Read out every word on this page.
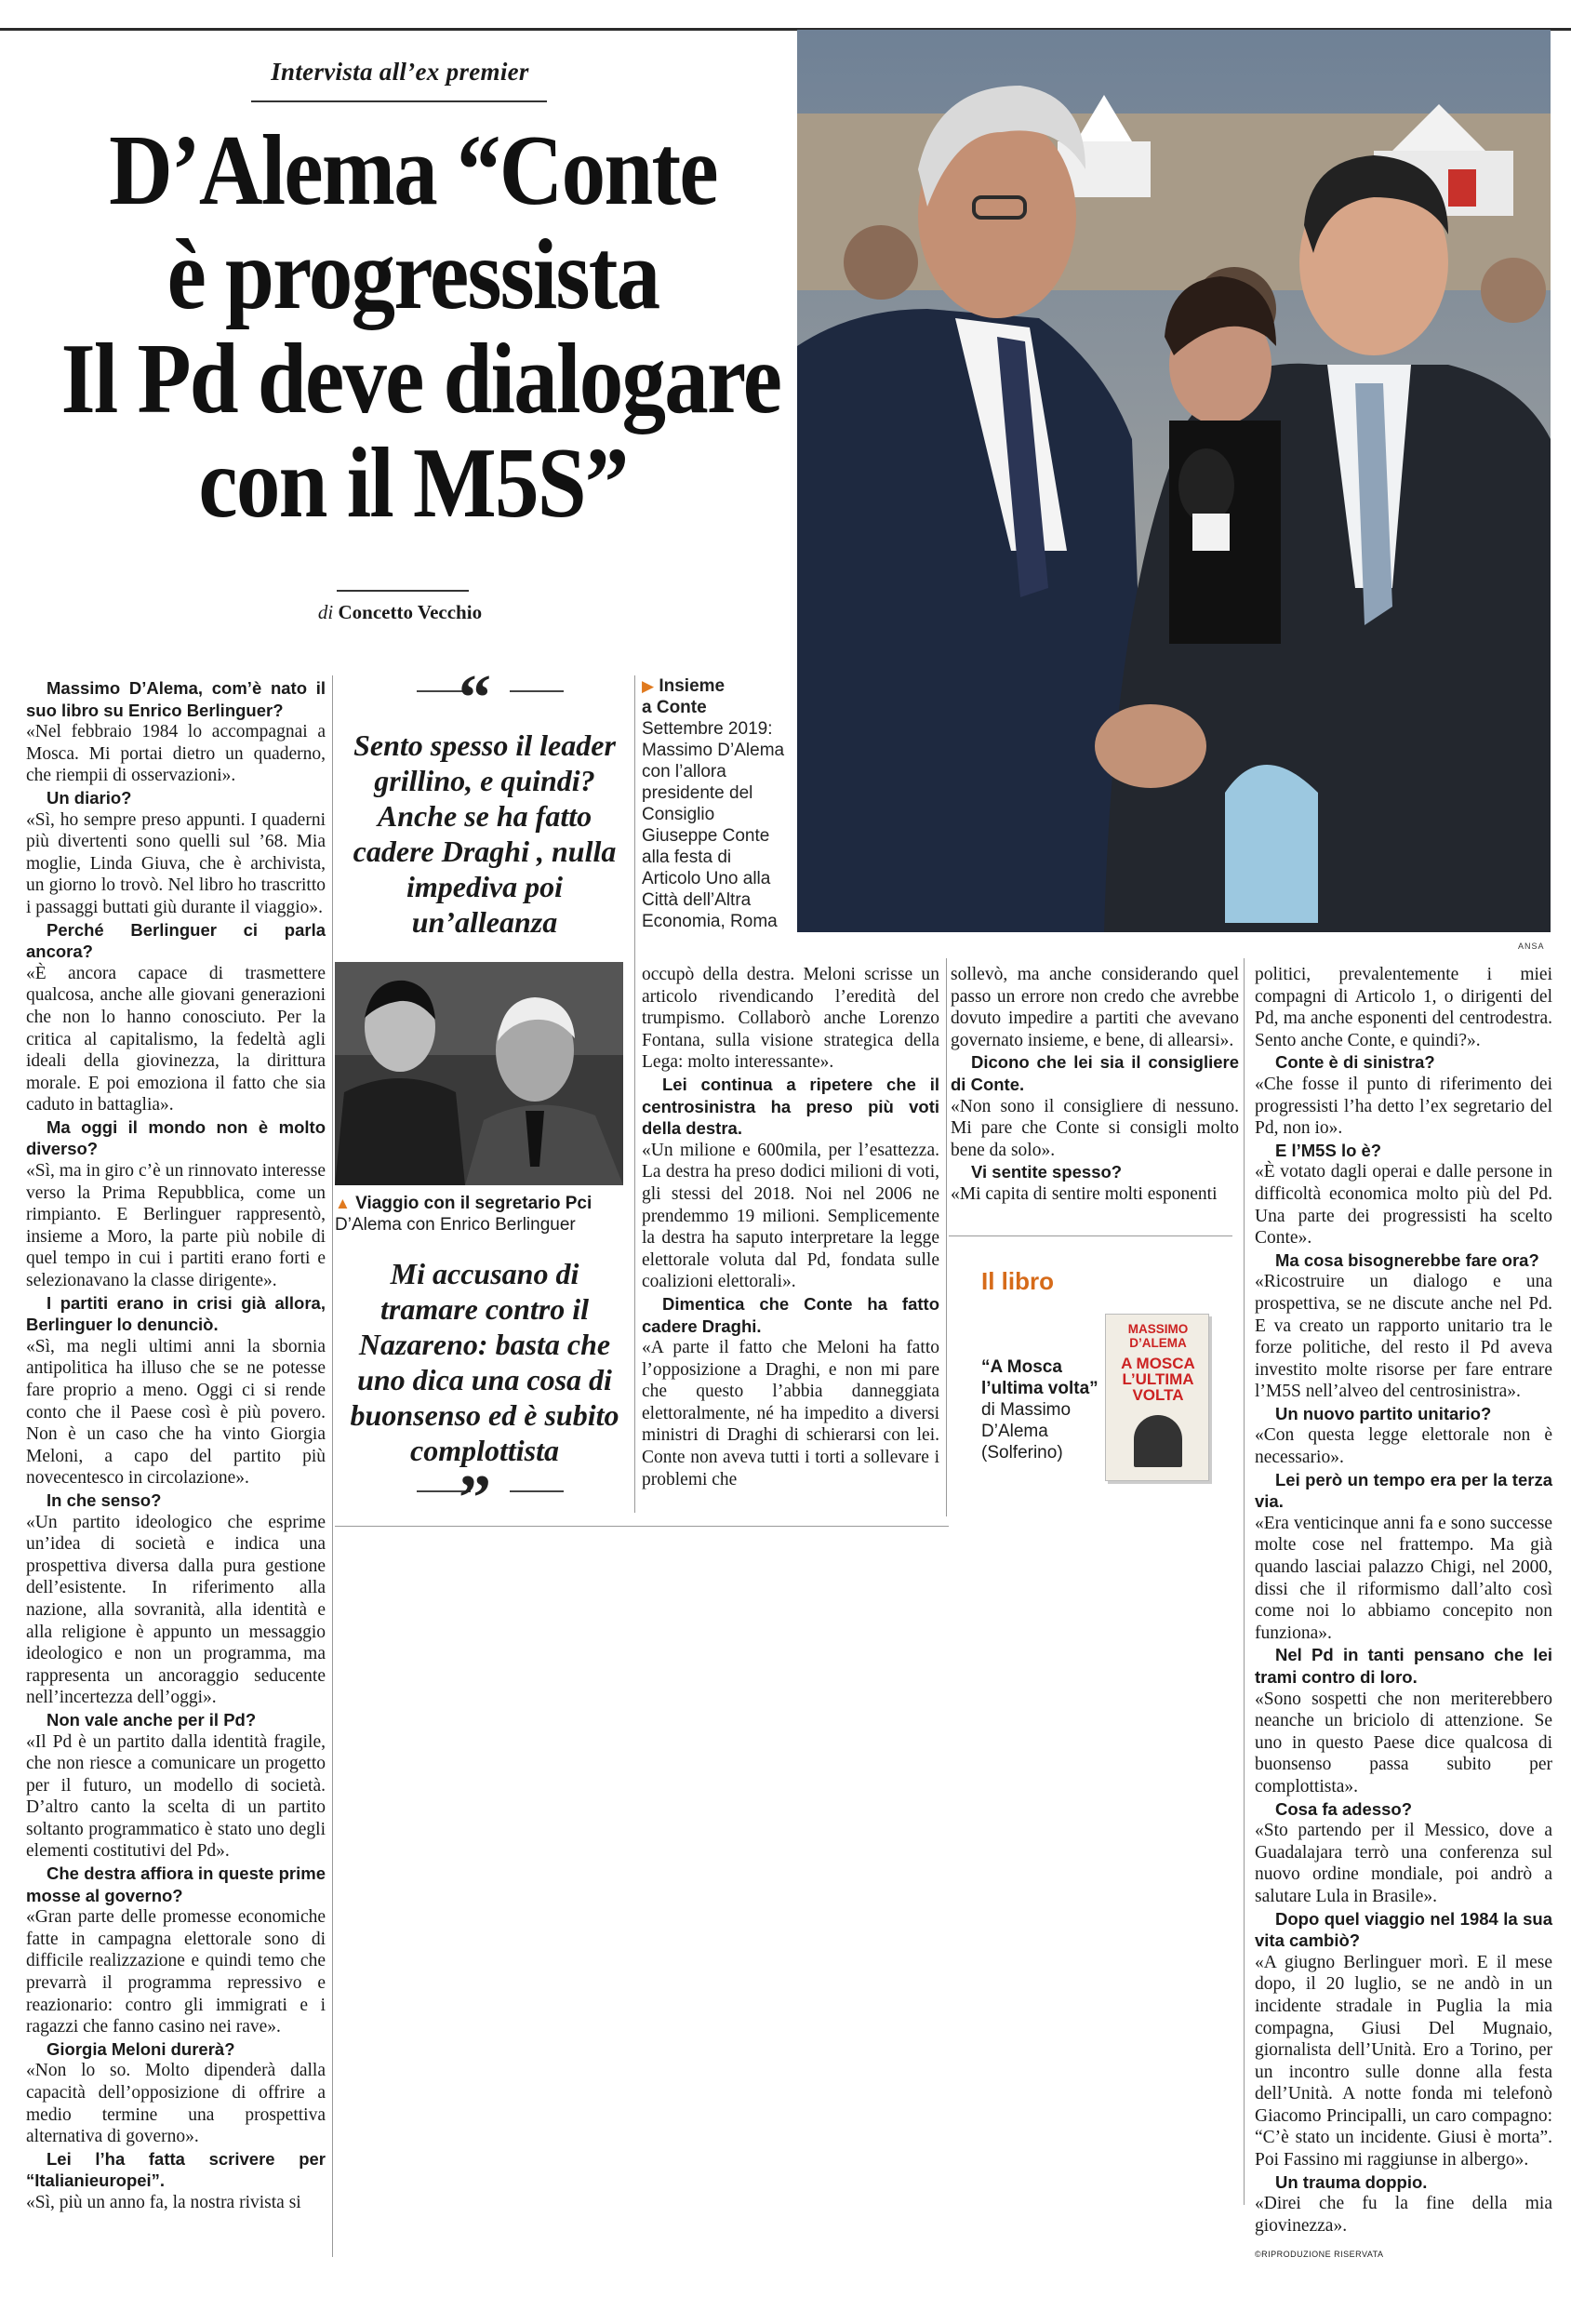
Intervista all’ex premier
D’Alema “Conte
è progressista
Il Pd deve dialogare
con il M5S”
di Concetto Vecchio
ANSA
▶ Insieme
a Conte
Settembre 2019: Massimo D’Alema con l’allora presidente del Consiglio Giuseppe Conte alla festa di Articolo Uno alla Città dell’Altra Economia, Roma

Massimo D’Alema, com’è nato il suo libro su Enrico Berlinguer?

«Nel febbraio 1984 lo accompagnai a Mosca. Mi portai dietro un quaderno, che riempii di osservazioni».

Un diario?

«Sì, ho sempre preso appunti. I quaderni più divertenti sono quelli sul ’68. Mia moglie, Linda Giuva, che è archivista, un giorno lo trovò. Nel libro ho trascritto i passaggi buttati giù durante il viaggio».

Perché Berlinguer ci parla ancora?

«È ancora capace di trasmettere qualcosa, anche alle giovani generazioni che non lo hanno conosciuto. Per la critica al capitalismo, la fedeltà agli ideali della giovinezza, la dirittura morale. E poi emoziona il fatto che sia caduto in battaglia».

Ma oggi il mondo non è molto diverso?

«Sì, ma in giro c’è un rinnovato interesse verso la Prima Repubblica, come un rimpianto. E Berlinguer rappresentò, insieme a Moro, la parte più nobile di quel tempo in cui i partiti erano forti e selezionavano la classe dirigente».

I partiti erano in crisi già allora, Berlinguer lo denunciò.

«Sì, ma negli ultimi anni la sbornia antipolitica ha illuso che se ne potesse fare proprio a meno. Oggi ci si rende conto che il Paese così è più povero. Non è un caso che ha vinto Giorgia Meloni, a capo del partito più novecentesco in circolazione».

In che senso?

«Un partito ideologico che esprime un’idea di società e indica una prospettiva diversa dalla pura gestione dell’esistente. In riferimento alla nazione, alla sovranità, alla identità e alla religione è appunto un messaggio ideologico e non un programma, ma rappresenta un ancoraggio seducente nell’incertezza dell’oggi».

Non vale anche per il Pd?

«Il Pd è un partito dalla identità fragile, che non riesce a comunicare un progetto per il futuro, un modello di società. D’altro canto la scelta di un partito soltanto programmatico è stato uno degli elementi costitutivi del Pd».

Che destra affiora in queste prime mosse al governo?

«Gran parte delle promesse economiche fatte in campagna elettorale sono di difficile realizzazione e quindi temo che prevarrà il programma repressivo e reazionario: contro gli immigrati e i ragazzi che fanno casino nei rave».

Giorgia Meloni durerà?

«Non lo so. Molto dipenderà dalla capacità dell’opposizione di offrire a medio termine una prospettiva alternativa di governo».

Lei l’ha fatta scrivere per “Italianieuropei”.

«Sì, più un anno fa, la nostra rivista si

occupò della destra. Meloni scrisse un articolo rivendicando l’eredità del trumpismo. Collaborò anche Lorenzo Fontana, sulla visione strategica della Lega: molto interessante».

Lei continua a ripetere che il centrosinistra ha preso più voti della destra.

«Un milione e 600mila, per l’esattezza. La destra ha preso dodici milioni di voti, gli stessi del 2018. Noi nel 2006 ne prendemmo 19 milioni. Semplicemente la destra ha saputo interpretare la legge elettorale voluta dal Pd, fondata sulle coalizioni elettorali».

Dimentica che Conte ha fatto cadere Draghi.

«A parte il fatto che Meloni ha fatto l’opposizione a Draghi, e non mi pare che questo l’abbia danneggiata elettoralmente, né ha impedito a diversi ministri di Draghi di schierarsi con lei. Conte non aveva tutti i torti a sollevare i problemi che

sollevò, ma anche considerando quel passo un errore non credo che avrebbe dovuto impedire a partiti che avevano governato insieme, e bene, di allearsi».

Dicono che lei sia il consigliere di Conte.

«Non sono il consigliere di nessuno. Mi pare che Conte si consigli molto bene da solo».

Vi sentite spesso?

«Mi capita di sentire molti esponenti

politici, prevalentemente i miei compagni di Articolo 1, o dirigenti del Pd, ma anche esponenti del centrodestra. Sento anche Conte, e quindi?».

Conte è di sinistra?

«Che fosse il punto di riferimento dei progressisti l’ha detto l’ex segretario del Pd, non io».

E l’M5S lo è?

«È votato dagli operai e dalle persone in difficoltà economica molto più del Pd. Una parte dei progressisti ha scelto Conte».

Ma cosa bisognerebbe fare ora?

«Ricostruire un dialogo e una prospettiva, se ne discute anche nel Pd. E va creato un rapporto unitario tra le forze politiche, del resto il Pd aveva investito molte risorse per fare entrare l’M5S nell’alveo del centrosinistra».

Un nuovo partito unitario?

«Con questa legge elettorale non è necessario».

Lei però un tempo era per la terza via.

«Era venticinque anni fa e sono successe molte cose nel frattempo. Ma già quando lasciai palazzo Chigi, nel 2000, dissi che il riformismo dall’alto così come noi lo abbiamo concepito non funziona».

Nel Pd in tanti pensano che lei trami contro di loro.

«Sono sospetti che non meriterebbero neanche un briciolo di attenzione. Se uno in questo Paese dice qualcosa di buonsenso passa subito per complottista».

Cosa fa adesso?

«Sto partendo per il Messico, dove a Guadalajara terrò una conferenza sul nuovo ordine mondiale, poi andrò a salutare Lula in Brasile».

Dopo quel viaggio nel 1984 la sua vita cambiò?

«A giugno Berlinguer morì. E il mese dopo, il 20 luglio, se ne andò in un incidente stradale in Puglia la mia compagna, Giusi Del Mugnaio, giornalista dell’Unità. Ero a Torino, per un incontro sulle donne alla festa dell’Unità. A notte fonda mi telefonò Giacomo Principalli, un caro compagno: “C’è stato un incidente. Giusi è morta”. Poi Fassino mi raggiunse in albergo».

Un trauma doppio.

«Direi che fu la fine della mia giovinezza».

©RIPRODUZIONE RISERVATA

“
Sento spesso il leader grillino, e quindi? Anche se ha fatto cadere Draghi , nulla impediva poi un’alleanza
▲ Viaggio con il segretario Pci
D’Alema con Enrico Berlinguer
Mi accusano di tramare contro il Nazareno: basta che uno dica una cosa di buonsenso ed è subito complottista
”
Il libro
MASSIMO D’ALEMA
A MOSCA L’ULTIMA VOLTA
“A Mosca l’ultima volta”
di Massimo D’Alema (Solferino)
